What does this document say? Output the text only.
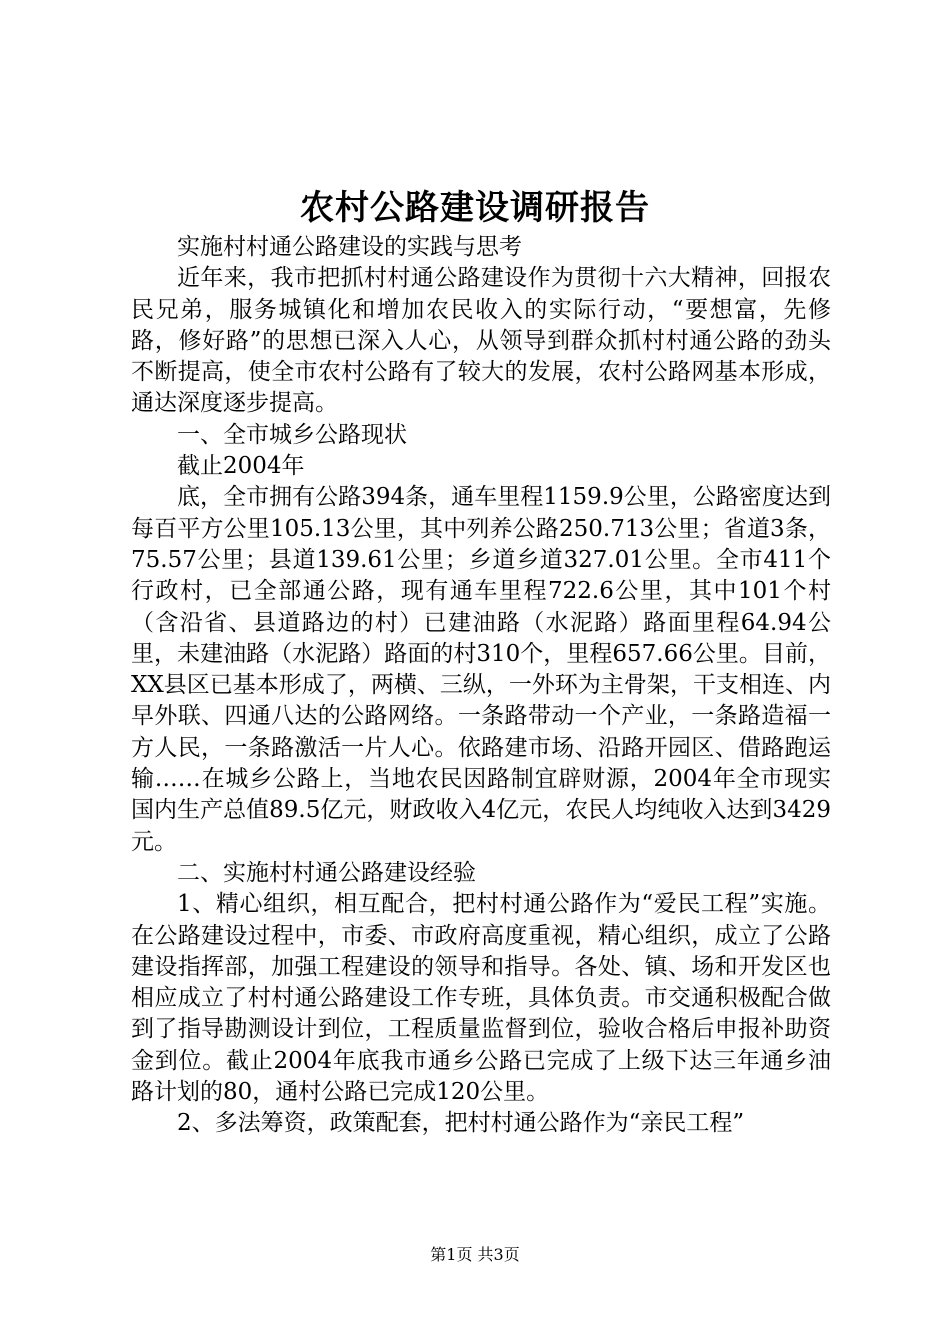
农村公路建设调研报告

实施村村通公路建设的实践与思考

近年来，我市把抓村村通公路建设作为贯彻十六大精神，回报农民兄弟，服务城镇化和增加农民收入的实际行动，“要想富，先修路，修好路”的思想已深入人心，从领导到群众抓村村通公路的劲头不断提高，使全市农村公路有了较大的发展，农村公路网基本形成，通达深度逐步提高。

一、全市城乡公路现状

截止2004年

底，全市拥有公路394条，通车里程1159.9公里，公路密度达到每百平方公里105.13公里，其中列养公路250.713公里；省道3条，75.57公里；县道139.61公里；乡道乡道327.01公里。全市411个行政村，已全部通公路，现有通车里程722.6公里，其中101个村（含沿省、县道路边的村）已建油路（水泥路）路面里程64.94公里，未建油路（水泥路）路面的村310个，里程657.66公里。目前，XX县区已基本形成了，两横、三纵，一外环为主骨架，干支相连、内早外联、四通八达的公路网络。一条路带动一个产业，一条路造福一方人民，一条路激活一片人心。依路建市场、沿路开园区、借路跑运输……在城乡公路上，当地农民因路制宜辟财源，2004年全市现实国内生产总值89.5亿元，财政收入4亿元，农民人均纯收入达到3429元。

二、实施村村通公路建设经验

1、精心组织，相互配合，把村村通公路作为“爱民工程”实施。在公路建设过程中，市委、市政府高度重视，精心组织，成立了公路建设指挥部，加强工程建设的领导和指导。各处、镇、场和开发区也相应成立了村村通公路建设工作专班，具体负责。市交通积极配合做到了指导勘测设计到位，工程质量监督到位，验收合格后申报补助资金到位。截止2004年底我市通乡公路已完成了上级下达三年通乡油路计划的80，通村公路已完成120公里。

2、多法筹资，政策配套，把村村通公路作为“亲民工程”

第1页 共3页
